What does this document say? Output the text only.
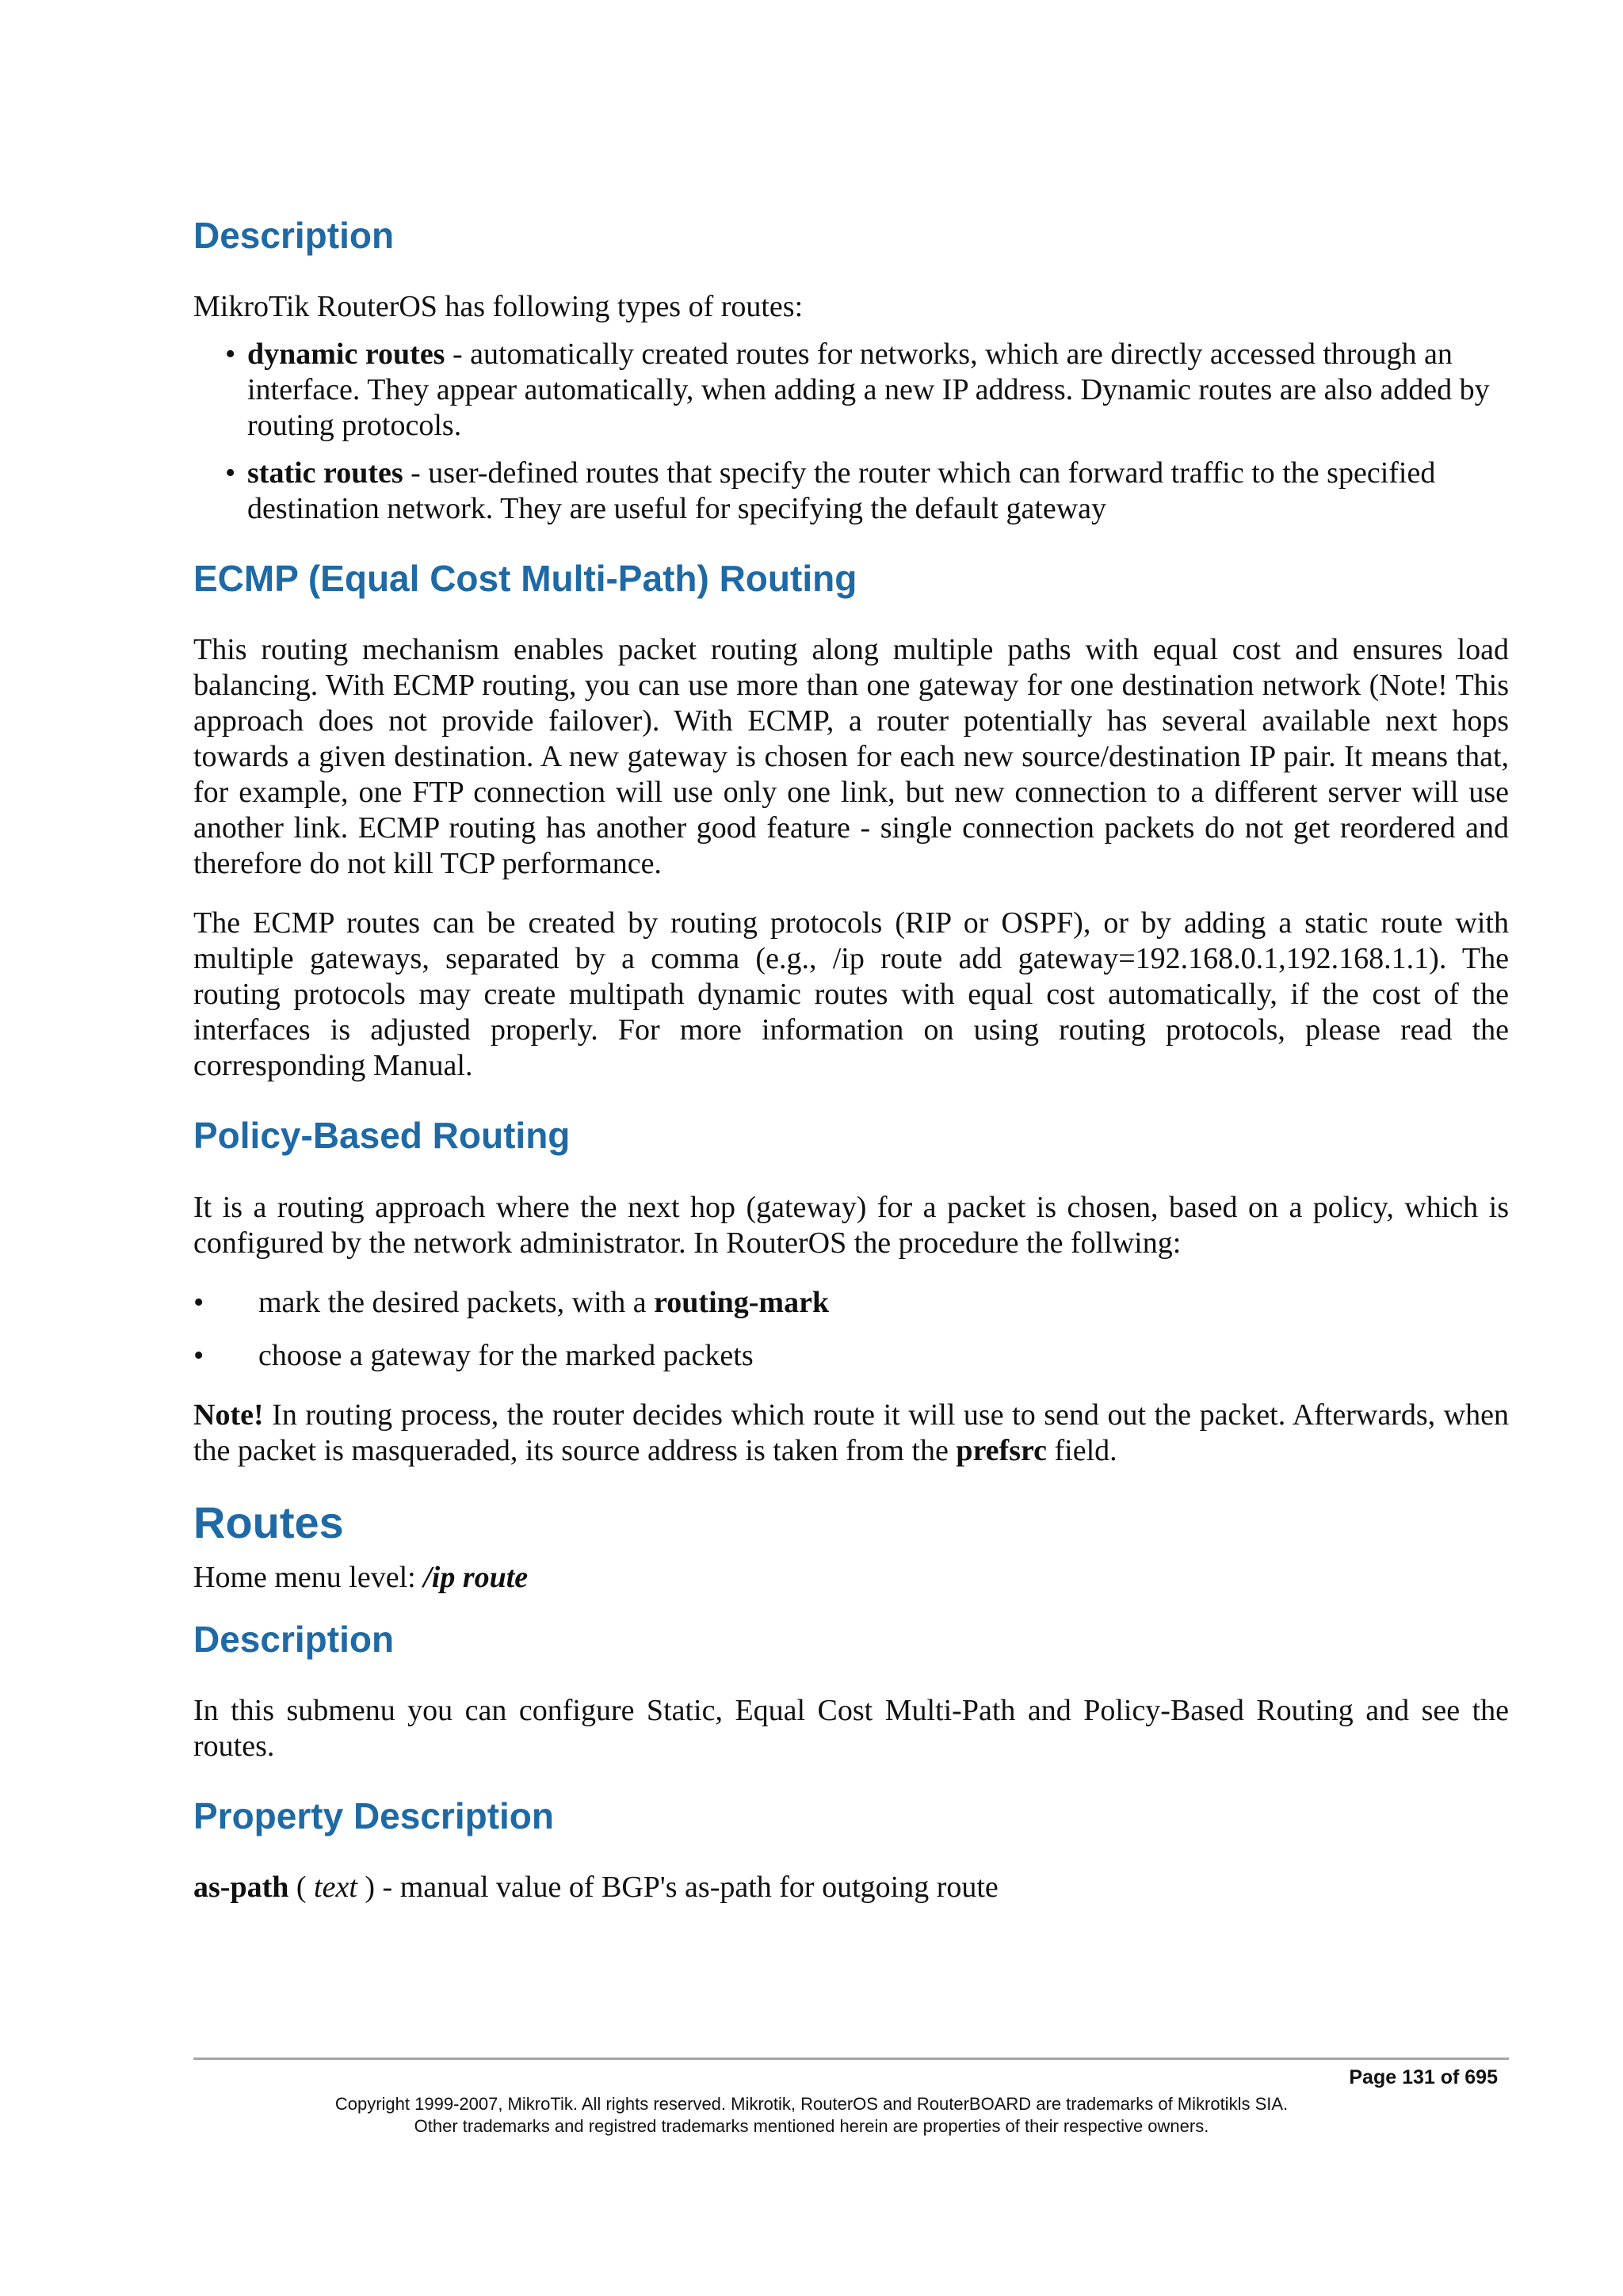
Description

MikroTik RouterOS has following types of routes:

• dynamic routes - automatically created routes for networks, which are directly accessed through an interface. They appear automatically, when adding a new IP address. Dynamic routes are also added by routing protocols.
• static routes - user-defined routes that specify the router which can forward traffic to the specified destination network. They are useful for specifying the default gateway
ECMP (Equal Cost Multi-Path) Routing

This routing mechanism enables packet routing along multiple paths with equal cost and ensures load balancing. With ECMP routing, you can use more than one gateway for one destination network (Note! This approach does not provide failover). With ECMP, a router potentially has several available next hops towards a given destination. A new gateway is chosen for each new source/destination IP pair. It means that, for example, one FTP connection will use only one link, but new connection to a different server will use another link. ECMP routing has another good feature - single connection packets do not get reordered and therefore do not kill TCP performance.

The ECMP routes can be created by routing protocols (RIP or OSPF), or by adding a static route with multiple gateways, separated by a comma (e.g., /ip route add gateway=192.168.0.1,192.168.1.1). The routing protocols may create multipath dynamic routes with equal cost automatically, if the cost of the interfaces is adjusted properly. For more information on using routing protocols, please read the corresponding Manual.

Policy-Based Routing

It is a routing approach where the next hop (gateway) for a packet is chosen, based on a policy, which is configured by the network administrator. In RouterOS the procedure the follwing:

• mark the desired packets, with a routing-mark
• choose a gateway for the marked packets

Note! In routing process, the router decides which route it will use to send out the packet. Afterwards, when the packet is masqueraded, its source address is taken from the prefsrc field.

Routes

Home menu level: /ip route

Description

In this submenu you can configure Static, Equal Cost Multi-Path and Policy-Based Routing and see the routes.

Property Description

as-path ( text ) - manual value of BGP's as-path for outgoing route

Page 131 of 695
Copyright 1999-2007, MikroTik. All rights reserved. Mikrotik, RouterOS and RouterBOARD are trademarks of Mikrotikls SIA.
Other trademarks and registred trademarks mentioned herein are properties of their respective owners.
